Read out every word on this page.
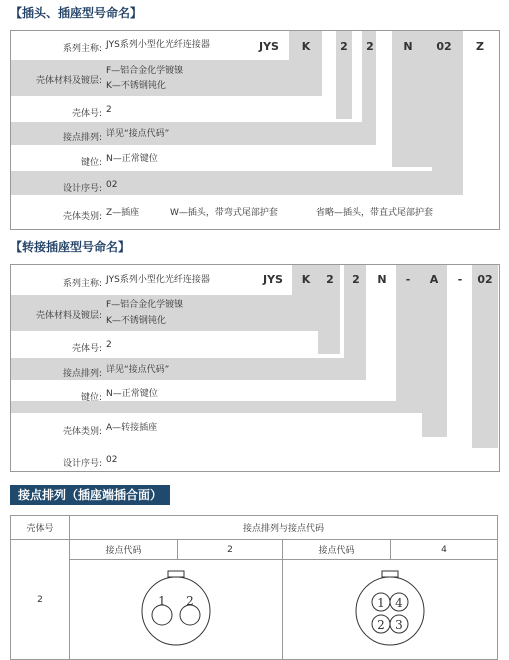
【插头、插座型号命名】
JYS	K	2	2	N	02	Z
系列主称: JYS系列小型化光纤连接器
壳体材料及镀层:
F—铝合金化学镀镍
K—不锈钢钝化
壳体号: 2
接点排列: 详见“接点代码”
键位: N—正常键位
设计序号: 02
壳体类别: Z—插座	W—插头，带弯式尾部护套	省略—插头，带直式尾部护套
【转接插座型号命名】
JYS	K	2	2	N	-	A	-	02
系列主称: JYS系列小型化光纤连接器
壳体材料及镀层:
F—铝合金化学镀镍
K—不锈钢钝化
壳体号: 2
接点排列: 详见“接点代码”
键位: N—正常键位
壳体类别: A—转接插座
设计序号: 02
接点排列（插座端插合面）
壳体号	接点排列与接点代码			
2	接点代码	2	接点代码	4

1 2		1 4
2 3	
